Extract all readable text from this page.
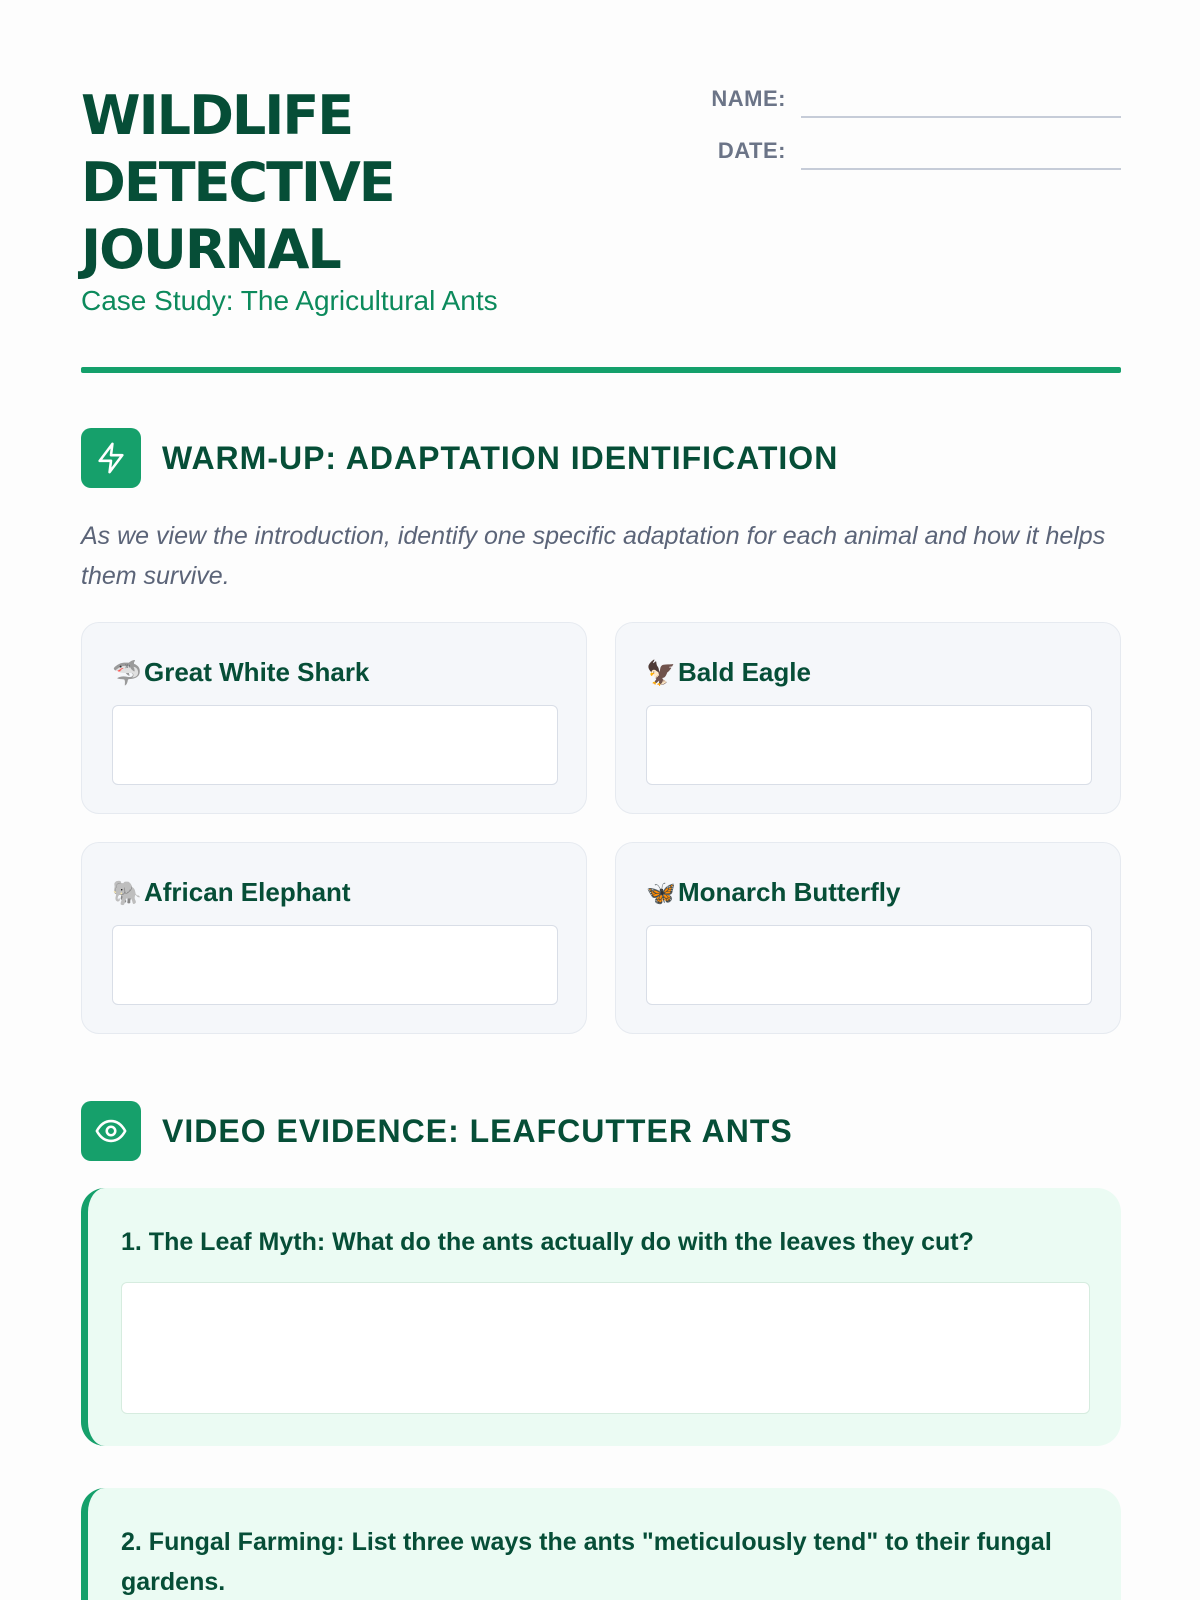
WILDLIFE
DETECTIVE
JOURNAL
Case Study: The Agricultural Ants
NAME:
DATE:
WARM-UP: ADAPTATION IDENTIFICATION

As we view the introduction, identify one specific adaptation for each animal and how it helps them survive.

🦈Great White Shark	🦅Bald Eagle
🐘African Elephant	🦋Monarch Butterfly
VIDEO EVIDENCE: LEAFCUTTER ANTS

1. The Leaf Myth: What do the ants actually do with the leaves they cut?

2. Fungal Farming: List three ways the ants "meticulously tend" to their fungal gardens.
